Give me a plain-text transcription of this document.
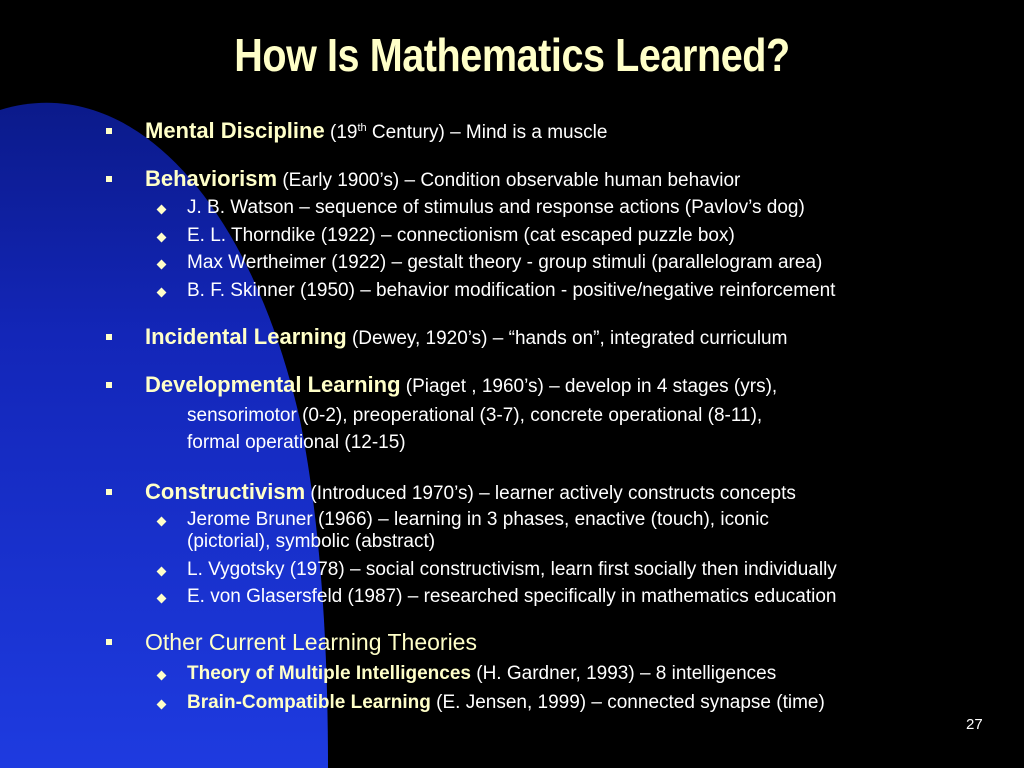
How Is Mathematics Learned?
Mental Discipline (19th Century) – Mind is a muscle
Behaviorism (Early 1900’s) – Condition observable human behavior
J. B. Watson – sequence of stimulus and response actions (Pavlov’s dog)
E. L. Thorndike (1922) – connectionism (cat escaped puzzle box)
Max Wertheimer (1922) – gestalt theory - group stimuli (parallelogram area)
B. F. Skinner (1950) – behavior modification - positive/negative reinforcement
Incidental Learning (Dewey, 1920’s) – “hands on”, integrated curriculum
Developmental Learning (Piaget , 1960’s) – develop in 4 stages (yrs),
sensorimotor (0-2), preoperational (3-7), concrete operational (8-11),
formal operational (12-15)
Constructivism (Introduced 1970’s) – learner actively constructs concepts
Jerome Bruner (1966) – learning in 3 phases, enactive (touch), iconic
(pictorial), symbolic (abstract)
L. Vygotsky (1978) – social constructivism, learn first socially then individually
E. von Glasersfeld (1987) – researched specifically in mathematics education
Other Current Learning Theories
Theory of Multiple Intelligences (H. Gardner, 1993) – 8 intelligences
Brain-Compatible Learning (E. Jensen, 1999) – connected synapse (time)
27
